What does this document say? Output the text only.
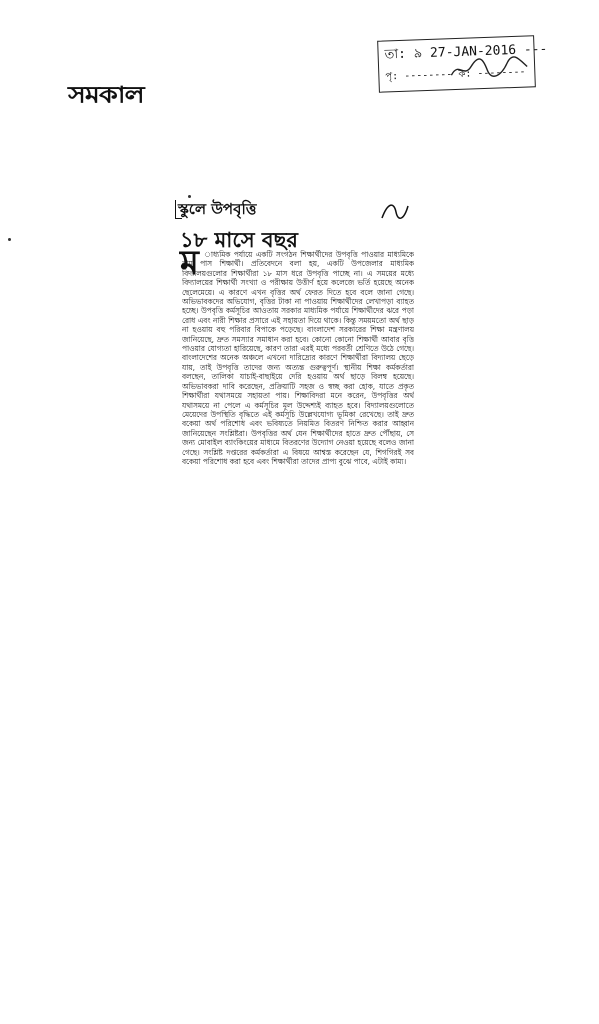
সমকাল
তা: ৯ 27-JAN-2016 ---
পৃ: -------- ক: --------
স্কুলে উপবৃত্তি
১৮ মাসে বছর
ম াধ্যমিক পর্যায়ে একটি সংগঠন শিক্ষার্থীদের উপবৃত্তি পাওয়ার মাধ্যমিকে নাম পাস শিক্ষার্থী। প্রতিবেদনে বলা হয়, একটি উপজেলার মাধ্যমিক বিদ্যালয়গুলোর শিক্ষার্থীরা ১৮ মাস ধরে উপবৃত্তি পাচ্ছে না। এ সময়ের মধ্যে বিদ্যালয়ের শিক্ষার্থী সংখ্যা ও পরীক্ষায় উত্তীর্ণ হয়ে কলেজে ভর্তি হয়েছে অনেক ছেলেমেয়ে। এ কারণে এখন বৃত্তির অর্থ ফেরত দিতে হবে বলে জানা গেছে। অভিভাবকদের অভিযোগ, বৃত্তির টাকা না পাওয়ায় শিক্ষার্থীদের লেখাপড়া ব্যাহত হচ্ছে। উপবৃত্তি কর্মসূচির আওতায় সরকার মাধ্যমিক পর্যায়ে শিক্ষার্থীদের ঝরে পড়া রোধ এবং নারী শিক্ষার প্রসারে এই সহায়তা দিয়ে থাকে। কিন্তু সময়মতো অর্থ ছাড় না হওয়ায় বহু পরিবার বিপাকে পড়েছে। বাংলাদেশ সরকারের শিক্ষা মন্ত্রণালয় জানিয়েছে, দ্রুত সমস্যার সমাধান করা হবে। কোনো কোনো শিক্ষার্থী আবার বৃত্তি পাওয়ার যোগ্যতা হারিয়েছে, কারণ তারা এরই মধ্যে পরবর্তী শ্রেণিতে উঠে গেছে। বাংলাদেশের অনেক অঞ্চলে এখনো দারিদ্র্যের কারণে শিক্ষার্থীরা বিদ্যালয় ছেড়ে যায়, তাই উপবৃত্তি তাদের জন্য অত্যন্ত গুরুত্বপূর্ণ। স্থানীয় শিক্ষা কর্মকর্তারা বলছেন, তালিকা যাচাই-বাছাইয়ে দেরি হওয়ায় অর্থ ছাড়ে বিলম্ব হয়েছে। অভিভাবকরা দাবি করেছেন, প্রক্রিয়াটি সহজ ও স্বচ্ছ করা হোক, যাতে প্রকৃত শিক্ষার্থীরা যথাসময়ে সহায়তা পায়। শিক্ষাবিদরা মনে করেন, উপবৃত্তির অর্থ যথাসময়ে না পেলে এ কর্মসূচির মূল উদ্দেশ্যই ব্যাহত হবে। বিদ্যালয়গুলোতে মেয়েদের উপস্থিতি বৃদ্ধিতে এই কর্মসূচি উল্লেখযোগ্য ভূমিকা রেখেছে। তাই দ্রুত বকেয়া অর্থ পরিশোধ এবং ভবিষ্যতে নিয়মিত বিতরণ নিশ্চিত করার আহ্বান জানিয়েছেন সংশ্লিষ্টরা। উপবৃত্তির অর্থ যেন শিক্ষার্থীদের হাতে দ্রুত পৌঁছায়, সে জন্য মোবাইল ব্যাংকিংয়ের মাধ্যমে বিতরণের উদ্যোগ নেওয়া হয়েছে বলেও জানা গেছে। সংশ্লিষ্ট দপ্তরের কর্মকর্তারা এ বিষয়ে আশ্বস্ত করেছেন যে, শিগগিরই সব বকেয়া পরিশোধ করা হবে এবং শিক্ষার্থীরা তাদের প্রাপ্য বুঝে পাবে, এটাই কাম্য।
